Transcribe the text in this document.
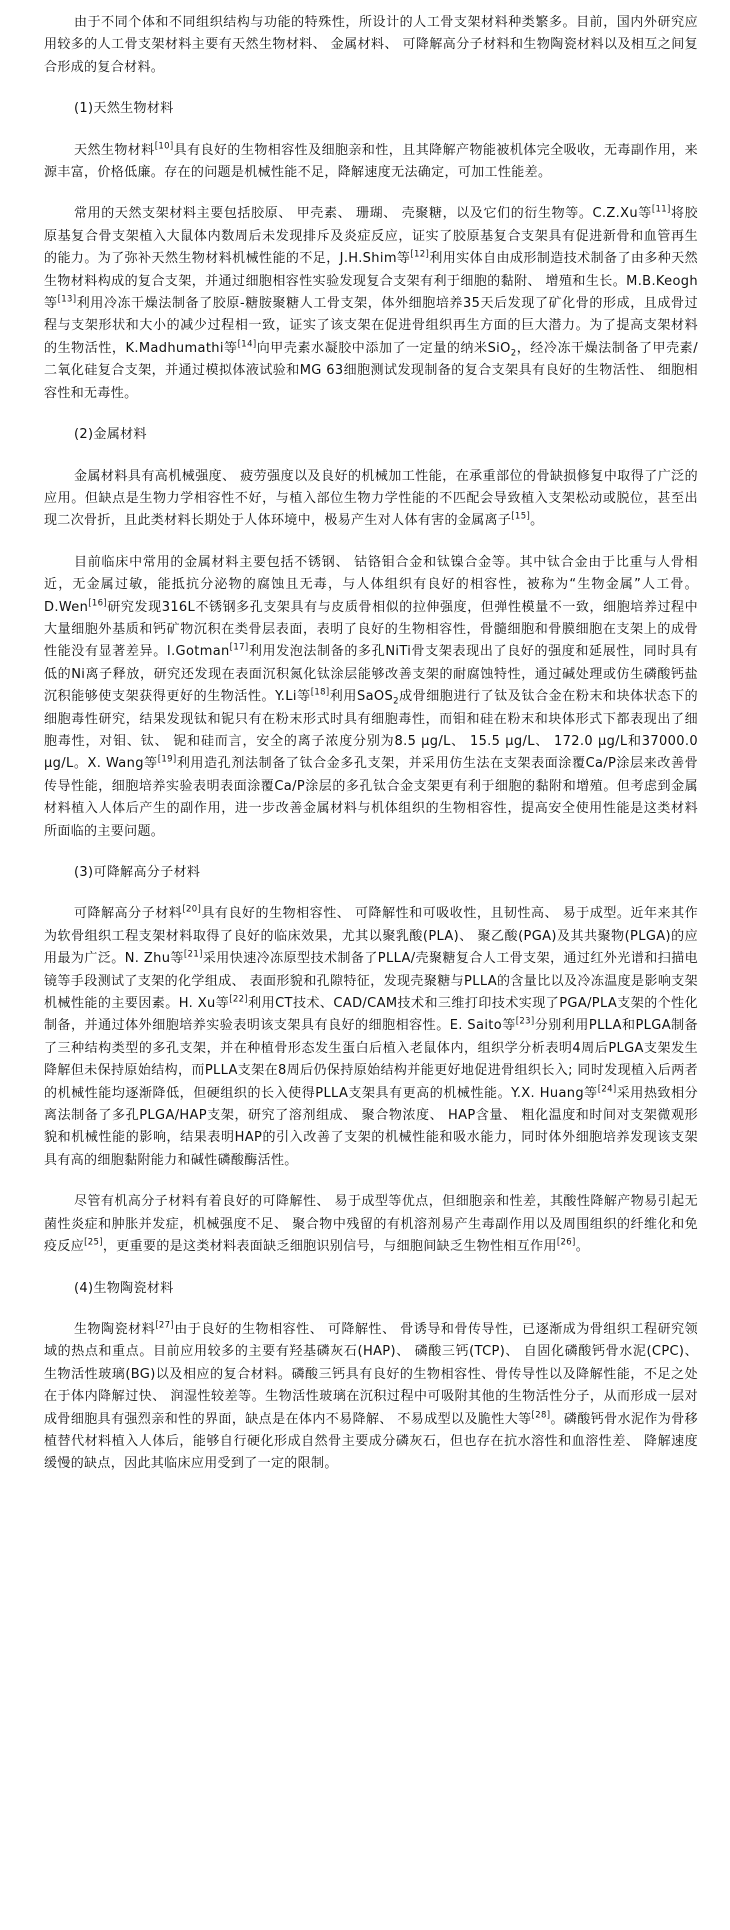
由于不同个体和不同组织结构与功能的特殊性，所设计的人工骨支架材料种类繁多。目前，国内外研究应用较多的人工骨支架材料主要有天然生物材料、 金属材料、 可降解高分子材料和生物陶瓷材料以及相互之间复合形成的复合材料。

(1)天然生物材料

天然生物材料[10]具有良好的生物相容性及细胞亲和性，且其降解产物能被机体完全吸收，无毒副作用，来源丰富，价格低廉。存在的问题是机械性能不足，降解速度无法确定，可加工性能差。

常用的天然支架材料主要包括胶原、 甲壳素、 珊瑚、 壳聚糖，以及它们的衍生物等。C.Z.Xu等[11]将胶原基复合骨支架植入大鼠体内数周后未发现排斥及炎症反应，证实了胶原基复合支架具有促进新骨和血管再生的能力。为了弥补天然生物材料机械性能的不足，J.H.Shim等[12]利用实体自由成形制造技术制备了由多种天然生物材料构成的复合支架，并通过细胞相容性实验发现复合支架有利于细胞的黏附、 增殖和生长。M.B.Keogh等[13]利用冷冻干燥法制备了胶原-糖胺聚糖人工骨支架，体外细胞培养35天后发现了矿化骨的形成，且成骨过程与支架形状和大小的减少过程相一致，证实了该支架在促进骨组织再生方面的巨大潜力。为了提高支架材料的生物活性，K.Madhumathi等[14]向甲壳素水凝胶中添加了一定量的纳米SiO$_2$，经冷冻干燥法制备了甲壳素/二氧化硅复合支架，并通过模拟体液试验和MG 63细胞测试发现制备的复合支架具有良好的生物活性、 细胞相容性和无毒性。

(2)金属材料

金属材料具有高机械强度、 疲劳强度以及良好的机械加工性能，在承重部位的骨缺损修复中取得了广泛的应用。但缺点是生物力学相容性不好，与植入部位生物力学性能的不匹配会导致植入支架松动或脱位，甚至出现二次骨折，且此类材料长期处于人体环境中，极易产生对人体有害的金属离子[15]。

目前临床中常用的金属材料主要包括不锈钢、 钴铬钼合金和钛镍合金等。其中钛合金由于比重与人骨相近，无金属过敏，能抵抗分泌物的腐蚀且无毒，与人体组织有良好的相容性，被称为“生物金属”人工骨。D.Wen[16]研究发现316L不锈钢多孔支架具有与皮质骨相似的拉伸强度，但弹性模量不一致，细胞培养过程中大量细胞外基质和钙矿物沉积在类骨层表面，表明了良好的生物相容性，骨髓细胞和骨膜细胞在支架上的成骨性能没有显著差异。I.Gotman[17]利用发泡法制备的多孔NiTi骨支架表现出了良好的强度和延展性，同时具有低的Ni离子释放，研究还发现在表面沉积氮化钛涂层能够改善支架的耐腐蚀特性，通过碱处理或仿生磷酸钙盐沉积能够使支架获得更好的生物活性。Y.Li等[18]利用SaOS$_2$成骨细胞进行了钛及钛合金在粉末和块体状态下的细胞毒性研究，结果发现钛和铌只有在粉末形式时具有细胞毒性，而钼和硅在粉末和块体形式下都表现出了细胞毒性，对钼、钛、 铌和硅而言，安全的离子浓度分别为8.5 μg/L、 15.5 μg/L、 172.0 μg/L和37000.0 μg/L。X. Wang等[19]利用造孔剂法制备了钛合金多孔支架，并采用仿生法在支架表面涂覆Ca/P涂层来改善骨传导性能，细胞培养实验表明表面涂覆Ca/P涂层的多孔钛合金支架更有利于细胞的黏附和增殖。但考虑到金属材料植入人体后产生的副作用，进一步改善金属材料与机体组织的生物相容性，提高安全使用性能是这类材料所面临的主要问题。

(3)可降解高分子材料

可降解高分子材料[20]具有良好的生物相容性、 可降解性和可吸收性，且韧性高、 易于成型。近年来其作为软骨组织工程支架材料取得了良好的临床效果，尤其以聚乳酸(PLA)、 聚乙酸(PGA)及其共聚物(PLGA)的应用最为广泛。N. Zhu等[21]采用快速冷冻原型技术制备了PLLA/壳聚糖复合人工骨支架，通过红外光谱和扫描电镜等手段测试了支架的化学组成、 表面形貌和孔隙特征，发现壳聚糖与PLLA的含量比以及冷冻温度是影响支架机械性能的主要因素。H. Xu等[22]利用CT技术、CAD/CAM技术和三维打印技术实现了PGA/PLA支架的个性化制备，并通过体外细胞培养实验表明该支架具有良好的细胞相容性。E. Saito等[23]分别利用PLLA和PLGA制备了三种结构类型的多孔支架，并在种植骨形态发生蛋白后植入老鼠体内，组织学分析表明4周后PLGA支架发生降解但未保持原始结构，而PLLA支架在8周后仍保持原始结构并能更好地促进骨组织长入; 同时发现植入后两者的机械性能均逐渐降低，但硬组织的长入使得PLLA支架具有更高的机械性能。Y.X. Huang等[24]采用热致相分离法制备了多孔PLGA/HAP支架，研究了溶剂组成、 聚合物浓度、 HAP含量、 粗化温度和时间对支架微观形貌和机械性能的影响，结果表明HAP的引入改善了支架的机械性能和吸水能力，同时体外细胞培养发现该支架具有高的细胞黏附能力和碱性磷酸酶活性。

尽管有机高分子材料有着良好的可降解性、 易于成型等优点，但细胞亲和性差，其酸性降解产物易引起无菌性炎症和肿胀并发症，机械强度不足、 聚合物中残留的有机溶剂易产生毒副作用以及周围组织的纤维化和免疫反应[25]，更重要的是这类材料表面缺乏细胞识别信号，与细胞间缺乏生物性相互作用[26]。

(4)生物陶瓷材料

生物陶瓷材料[27]由于良好的生物相容性、 可降解性、 骨诱导和骨传导性，已逐渐成为骨组织工程研究领域的热点和重点。目前应用较多的主要有羟基磷灰石(HAP)、 磷酸三钙(TCP)、 自固化磷酸钙骨水泥(CPC)、 生物活性玻璃(BG)以及相应的复合材料。磷酸三钙具有良好的生物相容性、骨传导性以及降解性能，不足之处在于体内降解过快、 润湿性较差等。生物活性玻璃在沉积过程中可吸附其他的生物活性分子，从而形成一层对成骨细胞具有强烈亲和性的界面，缺点是在体内不易降解、 不易成型以及脆性大等[28]。磷酸钙骨水泥作为骨移植替代材料植入人体后，能够自行硬化形成自然骨主要成分磷灰石，但也存在抗水溶性和血溶性差、 降解速度缓慢的缺点，因此其临床应用受到了一定的限制。
